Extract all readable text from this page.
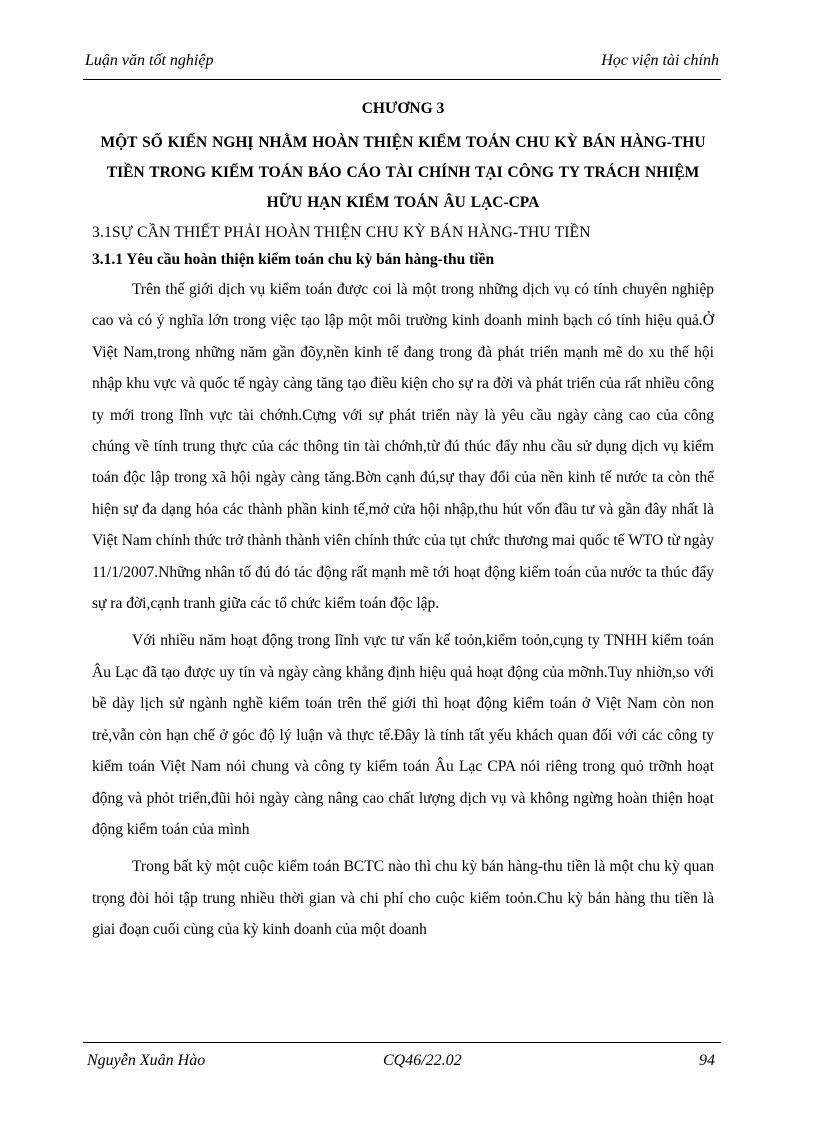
Luận văn tốt nghiệp	Học viện tài chính

CHƯƠNG 3

MỘT SỐ KIẾN NGHỊ NHẰM HOÀN THIỆN KIỂM TOÁN CHU KỲ BÁN HÀNG-THU TIỀN TRONG KIỂM TOÁN BÁO CÁO TÀI CHÍNH TẠI CÔNG TY TRÁCH NHIỆM HỮU HẠN KIỂM TOÁN ÂU LẠC-CPA

3.1SỰ CẦN THIẾT PHẢI HOÀN THIỆN CHU KỲ BÁN HÀNG-THU TIỀN

3.1.1 Yêu cầu hoàn thiện kiểm toán chu kỳ bán hàng-thu tiền

Trên thế giới dịch vụ kiểm toán được coi là một trong những dịch vụ có tính chuyên nghiệp cao và có ý nghĩa lớn trong việc tạo lập một môi trường kinh doanh minh bạch có tính hiệu quả.Ở Việt Nam,trong những năm gần đõy,nền kinh tế đang trong đà phát triển mạnh mẽ do xu thế hội nhập khu vực và quốc tế ngày càng tăng tạo điều kiện cho sự ra đời và phát triển của rất nhiều công ty mới trong lĩnh vực tài chớnh.Cựng với sự phát triển này là yêu cầu ngày càng cao của công chúng về tính trung thực của các thông tin tài chớnh,từ đú thúc đẩy nhu cầu sử dụng dịch vụ kiểm toán độc lập trong xã hội ngày càng tăng.Bờn cạnh đú,sự thay đổi của nền kinh tế nước ta còn thể hiện sự đa dạng hóa các thành phần kinh tế,mở cửa hội nhập,thu hút vốn đầu tư và gần đây nhất là Việt Nam chính thức trở thành thành viên chính thức của tụt chức thương mai quốc tế WTO từ ngày 11/1/2007.Những nhân tố đú đó tác động rất mạnh mẽ tới hoạt động kiểm toán của nước ta thúc đẩy sự ra đời,cạnh tranh giữa các tổ chức kiểm toán độc lập.

Với nhiều năm hoạt động trong lĩnh vực tư vấn kế toỏn,kiểm toỏn,cụng ty TNHH kiểm toán Âu Lạc đã tạo được uy tín và ngày càng khẳng định hiệu quả hoạt động của mỡnh.Tuy nhiờn,so với bề dày lịch sử ngành nghề kiểm toán trên thế giới thì hoạt động kiểm toán ở Việt Nam còn non trẻ,vẫn còn hạn chế ở góc độ lý luận và thực tế.Đây là tính tất yếu khách quan đối với các công ty kiểm toán Việt Nam nói chung và công ty kiểm toán Âu Lạc CPA nói riêng trong quỏ trỡnh hoạt động và phỏt triển,đũi hỏi ngày càng nâng cao chất lượng dịch vụ và không ngừng hoàn thiện hoạt động kiểm toán của mình

Trong bất kỳ một cuộc kiểm toán BCTC nào thì chu kỳ bán hàng-thu tiền là một chu kỳ quan trọng đòi hỏi tập trung nhiều thời gian và chi phí cho cuộc kiểm toỏn.Chu kỳ bán hàng thu tiền là giai đoạn cuối cùng của kỳ kinh doanh của một doanh

Nguyễn Xuân Hào	CQ46/22.02	94
